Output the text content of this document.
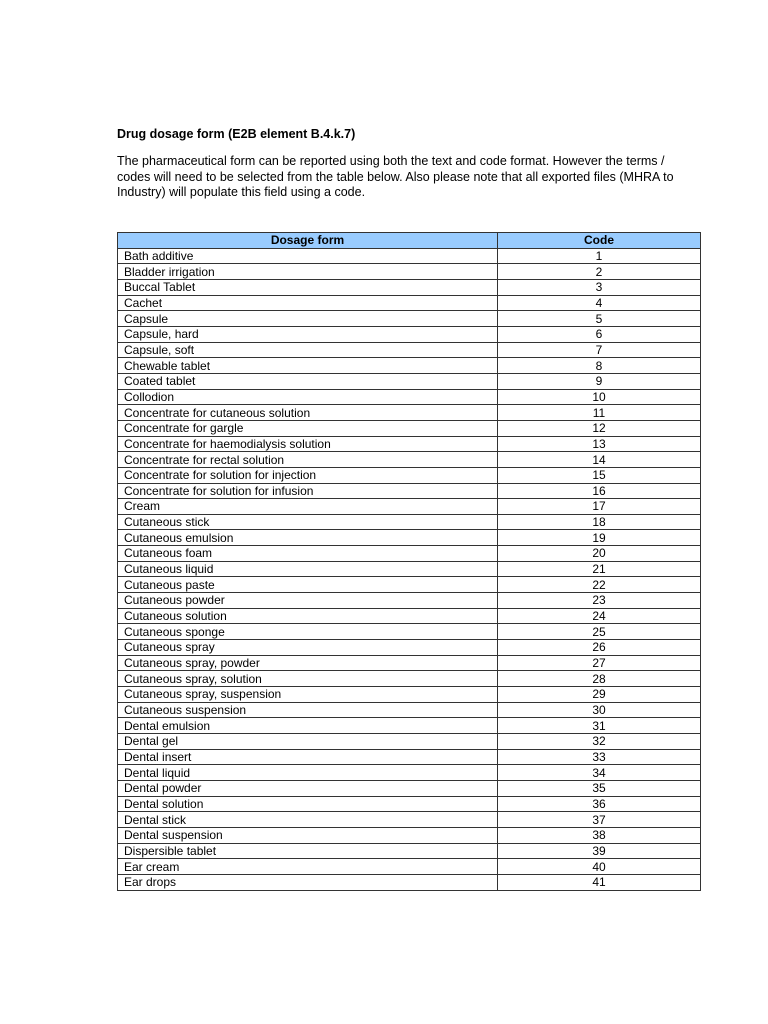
Drug dosage form (E2B element B.4.k.7)
The pharmaceutical form can be reported using both the text and code format. However the terms / codes will need to be selected from the table below. Also please note that all exported files (MHRA to Industry) will populate this field using a code.
Dosage form	Code
Bath additive	1
Bladder irrigation	2
Buccal Tablet	3
Cachet	4
Capsule	5
Capsule, hard	6
Capsule, soft	7
Chewable tablet	8
Coated tablet	9
Collodion	10
Concentrate for cutaneous solution	11
Concentrate for gargle	12
Concentrate for haemodialysis solution	13
Concentrate for rectal solution	14
Concentrate for solution for injection	15
Concentrate for solution for infusion	16
Cream	17
Cutaneous stick	18
Cutaneous emulsion	19
Cutaneous foam	20
Cutaneous liquid	21
Cutaneous paste	22
Cutaneous powder	23
Cutaneous solution	24
Cutaneous sponge	25
Cutaneous spray	26
Cutaneous spray, powder	27
Cutaneous spray, solution	28
Cutaneous spray, suspension	29
Cutaneous suspension	30
Dental emulsion	31
Dental gel	32
Dental insert	33
Dental liquid	34
Dental powder	35
Dental solution	36
Dental stick	37
Dental suspension	38
Dispersible tablet	39
Ear cream	40
Ear drops	41
